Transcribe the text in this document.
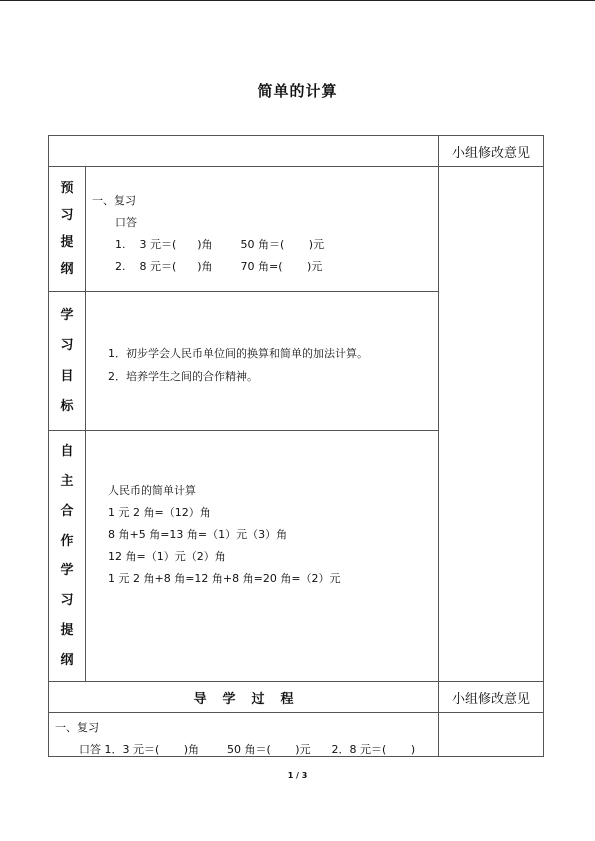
简单的计算
小组修改意见
预
习
提
纲
一、复习
口答
1.    3 元＝(      )角        50 角＝(       )元
2.    8 元＝(      )角        70 角=(       )元
学
习
目
标
1．初步学会人民币单位间的换算和简单的加法计算。
2．培养学生之间的合作精神。
自
主
合
作
学
习
提
纲
人民币的简单计算
1 元 2 角=（12）角
8 角+5 角=13 角=（1）元（3）角
12 角=（1）元（2）角
1 元 2 角+8 角=12 角+8 角=20 角=（2）元
导学过程	小组修改意见
一、复习
口答 1．3 元＝(       )角        50 角＝(       )元      2．8 元＝(       )
1 / 3
